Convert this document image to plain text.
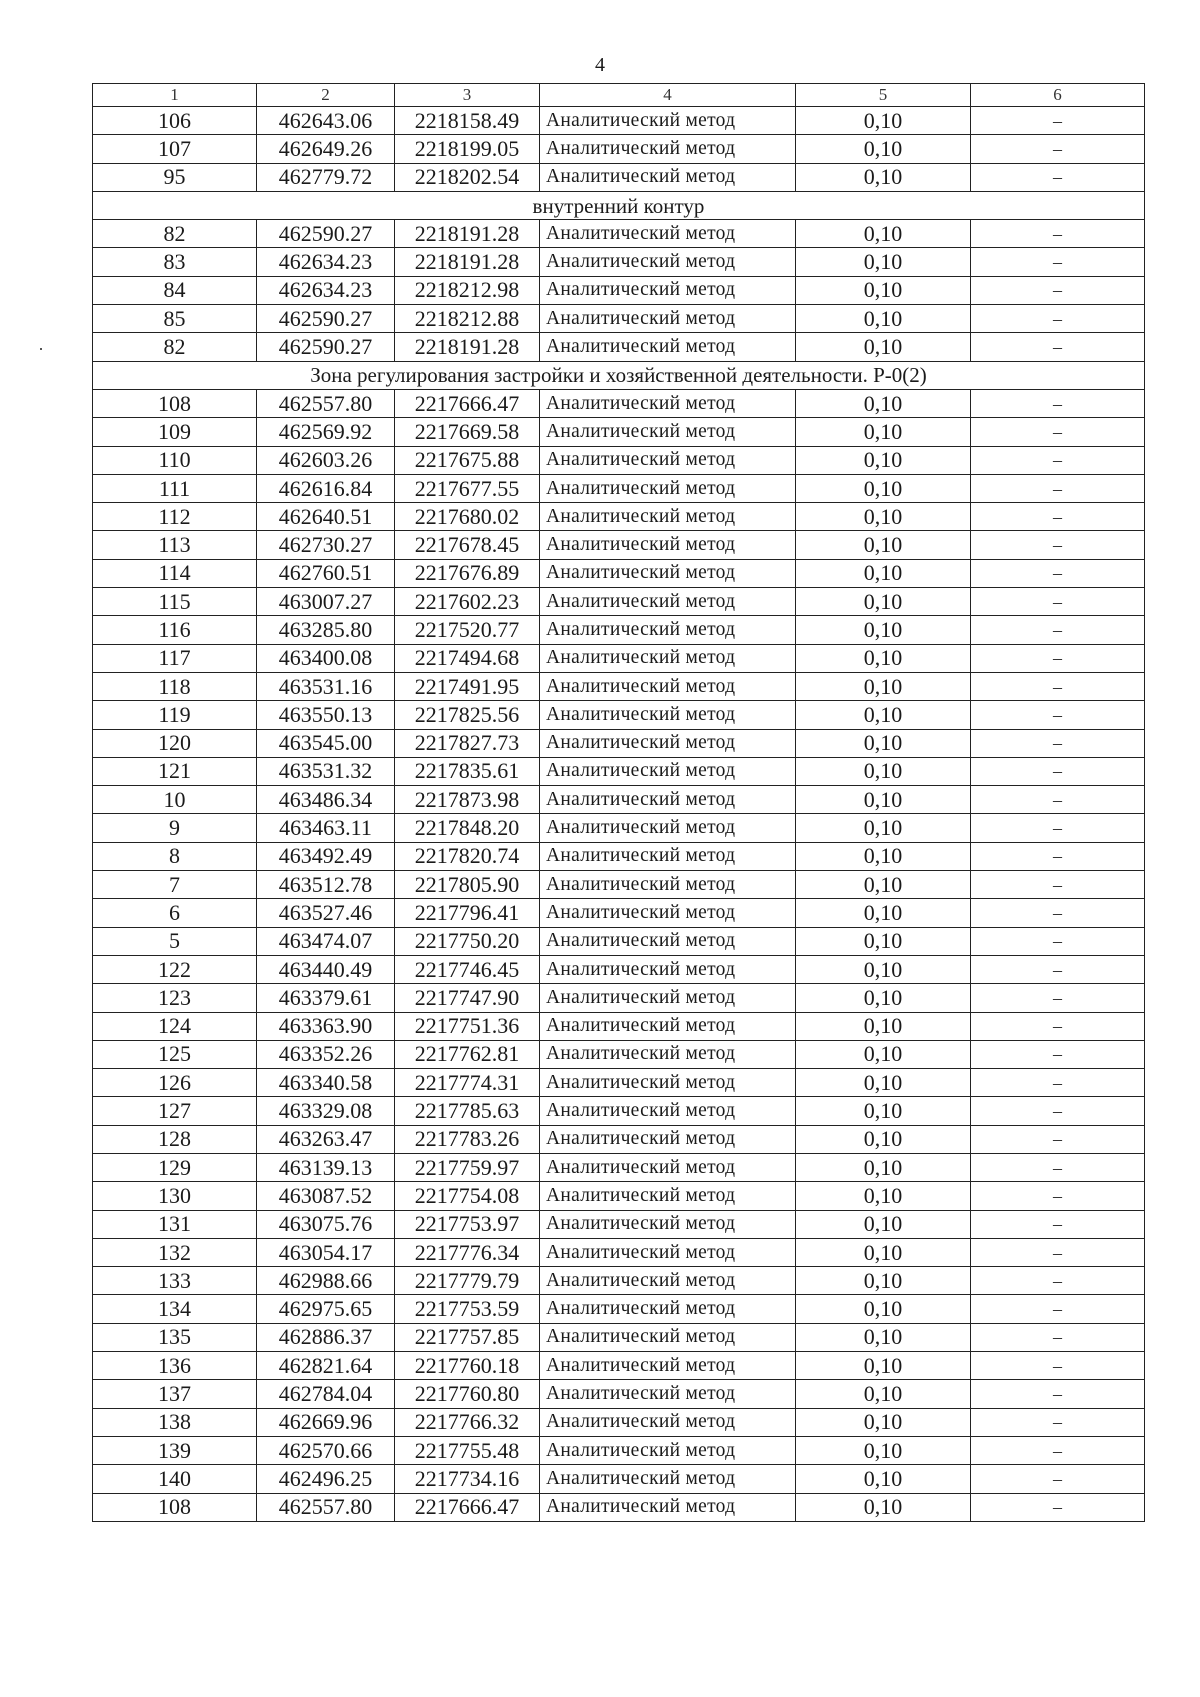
4
1	2	3	4	5	6
106	462643.06	2218158.49	Аналитический метод	0,10	–
107	462649.26	2218199.05	Аналитический метод	0,10	–
95	462779.72	2218202.54	Аналитический метод	0,10	–
внутренний контур					
82	462590.27	2218191.28	Аналитический метод	0,10	–
83	462634.23	2218191.28	Аналитический метод	0,10	–
84	462634.23	2218212.98	Аналитический метод	0,10	–
85	462590.27	2218212.88	Аналитический метод	0,10	–
82	462590.27	2218191.28	Аналитический метод	0,10	–
Зона регулирования застройки и хозяйственной деятельности. Р-0(2)					
108	462557.80	2217666.47	Аналитический метод	0,10	–
109	462569.92	2217669.58	Аналитический метод	0,10	–
110	462603.26	2217675.88	Аналитический метод	0,10	–
111	462616.84	2217677.55	Аналитический метод	0,10	–
112	462640.51	2217680.02	Аналитический метод	0,10	–
113	462730.27	2217678.45	Аналитический метод	0,10	–
114	462760.51	2217676.89	Аналитический метод	0,10	–
115	463007.27	2217602.23	Аналитический метод	0,10	–
116	463285.80	2217520.77	Аналитический метод	0,10	–
117	463400.08	2217494.68	Аналитический метод	0,10	–
118	463531.16	2217491.95	Аналитический метод	0,10	–
119	463550.13	2217825.56	Аналитический метод	0,10	–
120	463545.00	2217827.73	Аналитический метод	0,10	–
121	463531.32	2217835.61	Аналитический метод	0,10	–
10	463486.34	2217873.98	Аналитический метод	0,10	–
9	463463.11	2217848.20	Аналитический метод	0,10	–
8	463492.49	2217820.74	Аналитический метод	0,10	–
7	463512.78	2217805.90	Аналитический метод	0,10	–
6	463527.46	2217796.41	Аналитический метод	0,10	–
5	463474.07	2217750.20	Аналитический метод	0,10	–
122	463440.49	2217746.45	Аналитический метод	0,10	–
123	463379.61	2217747.90	Аналитический метод	0,10	–
124	463363.90	2217751.36	Аналитический метод	0,10	–
125	463352.26	2217762.81	Аналитический метод	0,10	–
126	463340.58	2217774.31	Аналитический метод	0,10	–
127	463329.08	2217785.63	Аналитический метод	0,10	–
128	463263.47	2217783.26	Аналитический метод	0,10	–
129	463139.13	2217759.97	Аналитический метод	0,10	–
130	463087.52	2217754.08	Аналитический метод	0,10	–
131	463075.76	2217753.97	Аналитический метод	0,10	–
132	463054.17	2217776.34	Аналитический метод	0,10	–
133	462988.66	2217779.79	Аналитический метод	0,10	–
134	462975.65	2217753.59	Аналитический метод	0,10	–
135	462886.37	2217757.85	Аналитический метод	0,10	–
136	462821.64	2217760.18	Аналитический метод	0,10	–
137	462784.04	2217760.80	Аналитический метод	0,10	–
138	462669.96	2217766.32	Аналитический метод	0,10	–
139	462570.66	2217755.48	Аналитический метод	0,10	–
140	462496.25	2217734.16	Аналитический метод	0,10	–
108	462557.80	2217666.47	Аналитический метод	0,10	–
